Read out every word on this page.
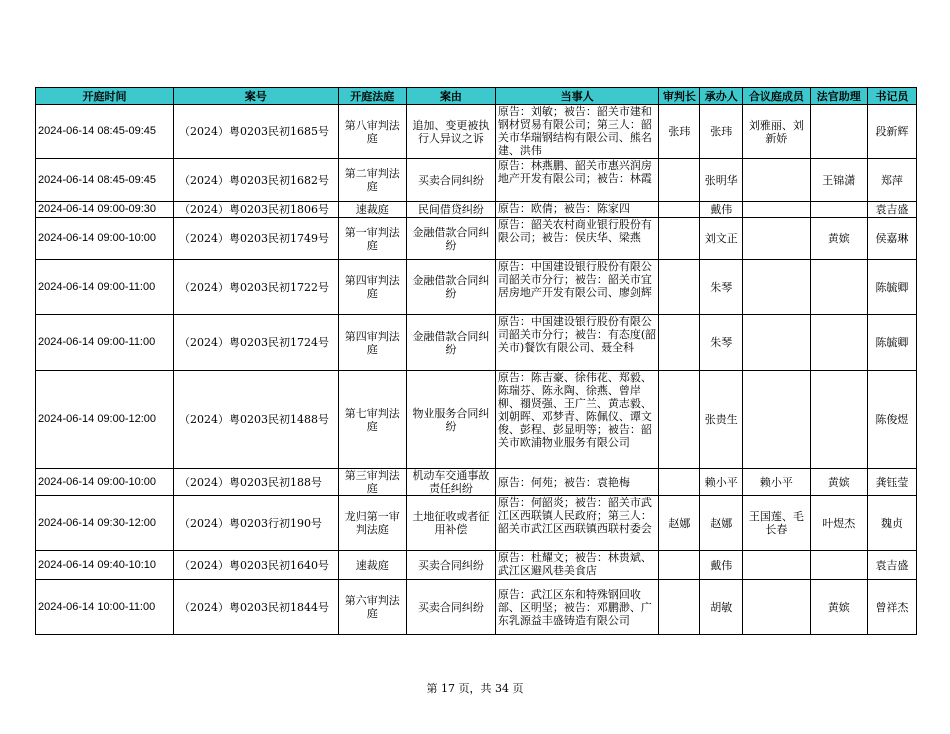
开庭时间	案号	开庭法庭	案由	当事人	审判长	承办人	合议庭成员	法官助理	书记员
2024-06-14 08:45-09:45	（2024）粤0203民初1685号	第八审判法庭	追加、变更被执行人异议之诉	原告：刘敏；被告：韶关市建和钢材贸易有限公司；第三人：韶关市华瑞钢结构有限公司、熊名建、洪伟	张玮	张玮	刘雅丽、刘新娇		段新辉
2024-06-14 08:45-09:45	（2024）粤0203民初1682号	第二审判法庭	买卖合同纠纷	原告：林燕鹏、韶关市惠兴润房地产开发有限公司；被告：林霞		张明华		王锦潇	郑萍
2024-06-14 09:00-09:30	（2024）粤0203民初1806号	速裁庭	民间借贷纠纷	原告：欧倩；被告：陈家四		戴伟			袁吉盛
2024-06-14 09:00-10:00	（2024）粤0203民初1749号	第一审判法庭	金融借款合同纠纷	原告：韶关农村商业银行股份有限公司；被告：侯庆华、梁燕		刘文正		黄嫔	侯嘉琳
2024-06-14 09:00-11:00	（2024）粤0203民初1722号	第四审判法庭	金融借款合同纠纷	原告：中国建设银行股份有限公司韶关市分行；被告：韶关市宜居房地产开发有限公司、廖剑辉		朱琴			陈毓卿
2024-06-14 09:00-11:00	（2024）粤0203民初1724号	第四审判法庭	金融借款合同纠纷	原告：中国建设银行股份有限公司韶关市分行；被告：有态度(韶关市)餐饮有限公司、聂全科		朱琴			陈毓卿
2024-06-14 09:00-12:00	（2024）粤0203民初1488号	第七审判法庭	物业服务合同纠纷	原告：陈吉豪、徐伟花、郑毅、陈瑞芬、陈永陶、徐燕、曾岸柳、禤贤强、王广兰、黄志毅、刘朝晖、邓梦青、陈佩仪、谭文俊、彭程、彭显明等；被告：韶关市欧浦物业服务有限公司		张贵生			陈俊煜
2024-06-14 09:00-10:00	（2024）粤0203民初188号	第三审判法庭	机动车交通事故责任纠纷	原告：何苑；被告：袁艳梅		赖小平	赖小平	黄嫔	龚钰莹
2024-06-14 09:30-12:00	（2024）粤0203行初190号	龙归第一审判法庭	土地征收或者征用补偿	原告：何韶炎；被告：韶关市武江区西联镇人民政府；第三人：韶关市武江区西联镇西联村委会	赵娜	赵娜	王国莲、毛长春	叶煜杰	魏贞
2024-06-14 09:40-10:10	（2024）粤0203民初1640号	速裁庭	买卖合同纠纷	原告：杜耀文；被告：林贵斌、武江区避风巷美食店		戴伟			袁吉盛
2024-06-14 10:00-11:00	（2024）粤0203民初1844号	第六审判法庭	买卖合同纠纷	原告：武江区东和特殊钢回收部、区明坚；被告：邓鹏渺、广东乳源益丰盛铸造有限公司		胡敏		黄嫔	曾祥杰
第 17 页，共 34 页
